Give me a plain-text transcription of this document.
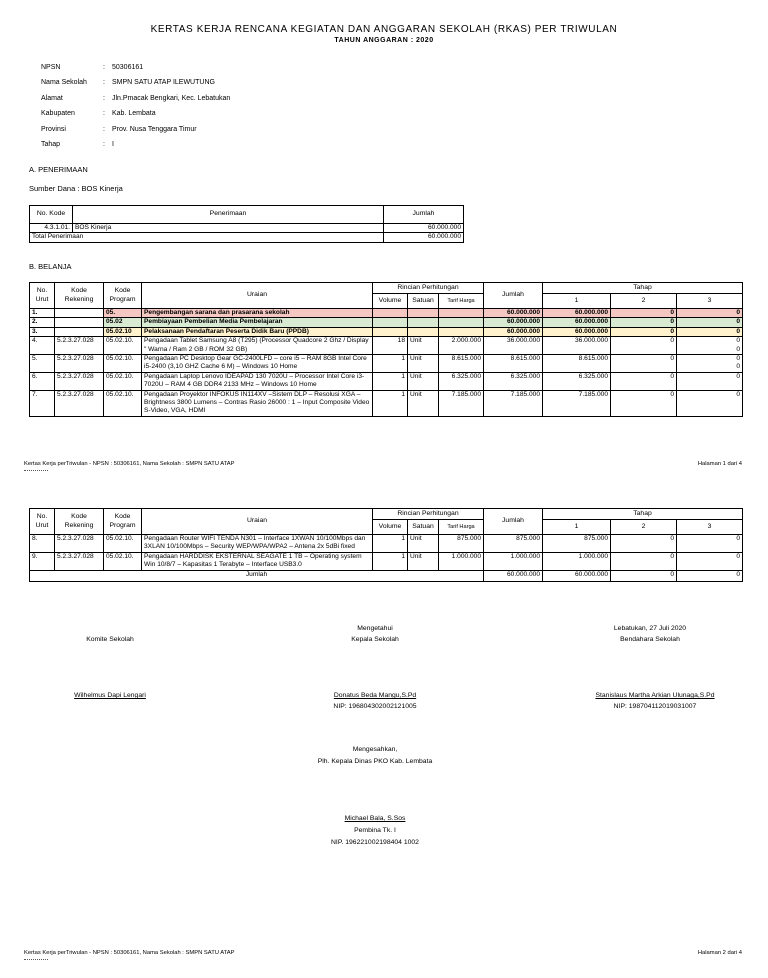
KERTAS KERJA RENCANA KEGIATAN DAN ANGGARAN SEKOLAH (RKAS) PER TRIWULAN
TAHUN ANGGARAN : 2020
NPSN	: 50306161
Nama Sekolah	: SMPN SATU ATAP ILEWUTUNG
Alamat	: Jln.Pmacak Bengkari, Kec. Lebatukan
Kabupaten	: Kab. Lembata
Provinsi	: Prov. Nusa Tenggara Timur
Tahap	: I
A. PENERIMAAN
Sumber Dana : BOS Kinerja
No. Kode	Penerimaan	Jumlah
4.3.1.01.	BOS Kinerja	60.000.000
Total Penerimaan		60.000.000
B. BELANJA
No. Urut	Kode Rekening	Kode Program	Uraian	Rincian Perhitungan			Jumlah	Tahap		
				Volume	Satuan	Tarif Harga		1	2	3
1.		05.	Pengembangan sarana dan prasarana sekolah				60.000.000	60.000.000	0	0
2.		05.02	Pembiayaan Pembelian Media Pembelajaran				60.000.000	60.000.000	0	0
3.		05.02.10	Pelaksanaan Pendaftaran Peserta Didik Baru (PPDB)				60.000.000	60.000.000	0	0
4.	5.2.3.27.028	05.02.10.	Pengadaan Tablet Samsung A8 (T295) (Processor Quadcore 2 Ghz / Display " Warna / Ram 2 GB / ROM 32 GB)	18	Unit	2.000.000	36.000.000	36.000.000	0	0
0
5.	5.2.3.27.028	05.02.10.	Pengadaan PC Desktop Gear GC-2400LFD – core i5 – RAM 8GB Intel Core i5-2400 (3,10 GHZ Cache 6 M) – Windows 10 Home	1	Unit	8.615.000	8.615.000	8.615.000	0	0
0
6.	5.2.3.27.028	05.02.10.	Pengadaan Laptop Lenovo IDEAPAD 130 7020U – Processor Intel Core i3-7020U – RAM 4 GB DDR4 2133 MHz – Windows 10 Home	1	Unit	6.325.000	6.325.000	6.325.000	0	0
7.	5.2.3.27.028	05.02.10.	Pengadaan Proyektor INFOKUS IN114XV –Sistem DLP – Resolusi XGA – Brightness 3800 Lumens – Contras Rasio 26000 : 1 – Input Composite Video S-Video, VGA, HDMI	1	Unit	7.185.000	7.185.000	7.185.000	0	0
Kertas Kerja perTriwulan - NPSN : 50306161, Nama Sekolah : SMPN SATU ATAP	Halaman 1 dari 4
No. Urut	Kode Rekening	Kode Program	Uraian	Rincian Perhitungan			Jumlah	Tahap		
				Volume	Satuan	Tarif Harga		1	2	3
8.	5.2.3.27.028	05.02.10.	Pengadaan Router WIFI TENDA N301 – Interface 1XWAN 10/100Mbps dan 3XLAN 10/100Mbps – Security WEP/WPA/WPA2 – Antena 2x 5dBi fixed	1	Unit	875.000	875.000	875.000	0	0
9.	5.2.3.27.028	05.02.10.	Pengadaan HARDDISK EKSTERNAL SEAGATE 1 TB – Operating system Win 10/8/7 – Kapasitas 1 Terabyte – Interface USB3.0	1	Unit	1.000.000	1.000.000	1.000.000	0	0
Jumlah							60.000.000	60.000.000	0	0
Komite Sekolah
Wilhelmus Dapi Lengari
Mengetahui
Kepala Sekolah
Donatus Beda Mangu,S.Pd
NIP: 196804302002121005
Lebatukan, 27 Juli 2020
Bendahara Sekolah
Stanislaus Martha Arkian Ulunaga,S.Pd
NIP: 198704112019031007
Mengesahkan,
Plh. Kepala Dinas PKO Kab. Lembata
Michael Bala, S.Sos
Pembina Tk. I
NIP. 196221002198404 1002
Kertas Kerja perTriwulan - NPSN : 50306161, Nama Sekolah : SMPN SATU ATAP	Halaman 2 dari 4
